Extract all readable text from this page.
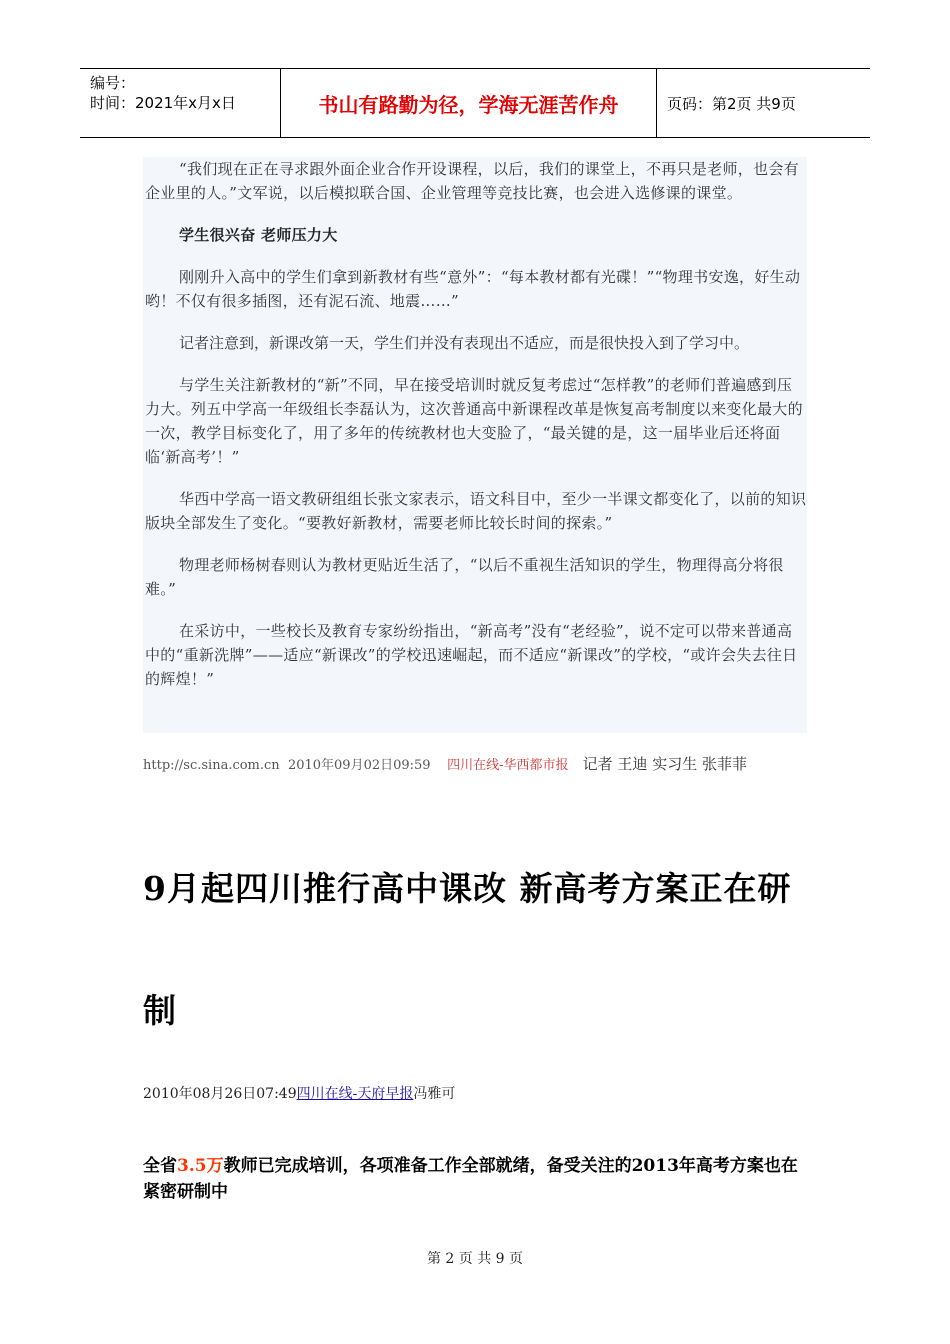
编号：
时间：2021年x月x日	书山有路勤为径，学海无涯苦作舟	页码：第2页 共9页

“我们现在正在寻求跟外面企业合作开设课程，以后，我们的课堂上，不再只是老师，也会有企业里的人。”文军说，以后模拟联合国、企业管理等竞技比赛，也会进入选修课的课堂。

学生很兴奋 老师压力大

刚刚升入高中的学生们拿到新教材有些“意外”：“每本教材都有光碟！”“物理书安逸，好生动哟！不仅有很多插图，还有泥石流、地震……”

记者注意到，新课改第一天，学生们并没有表现出不适应，而是很快投入到了学习中。

与学生关注新教材的“新”不同，早在接受培训时就反复考虑过“怎样教”的老师们普遍感到压力大。列五中学高一年级组长李磊认为，这次普通高中新课程改革是恢复高考制度以来变化最大的一次，教学目标变化了，用了多年的传统教材也大变脸了，“最关键的是，这一届毕业后还将面临‘新高考’！”

华西中学高一语文教研组组长张文家表示，语文科目中，至少一半课文都变化了，以前的知识版块全部发生了变化。“要教好新教材，需要老师比较长时间的探索。”

物理老师杨树春则认为教材更贴近生活了，“以后不重视生活知识的学生，物理得高分将很难。”

在采访中，一些校长及教育专家纷纷指出，“新高考”没有“老经验”，说不定可以带来普通高中的“重新洗牌”——适应“新课改”的学校迅速崛起，而不适应“新课改”的学校，“或许会失去往日的辉煌！”

http://sc.sina.com.cn 2010年09月02日09:59 四川在线-华西都市报 记者 王迪 实习生 张菲菲
9月起四川推行高中课改 新高考方案正在研制
2010年08月26日07:49四川在线-天府早报冯雅可
全省3.5万教师已完成培训，各项准备工作全部就绪，备受关注的2013年高考方案也在紧密研制中
第 2 页 共 9 页
